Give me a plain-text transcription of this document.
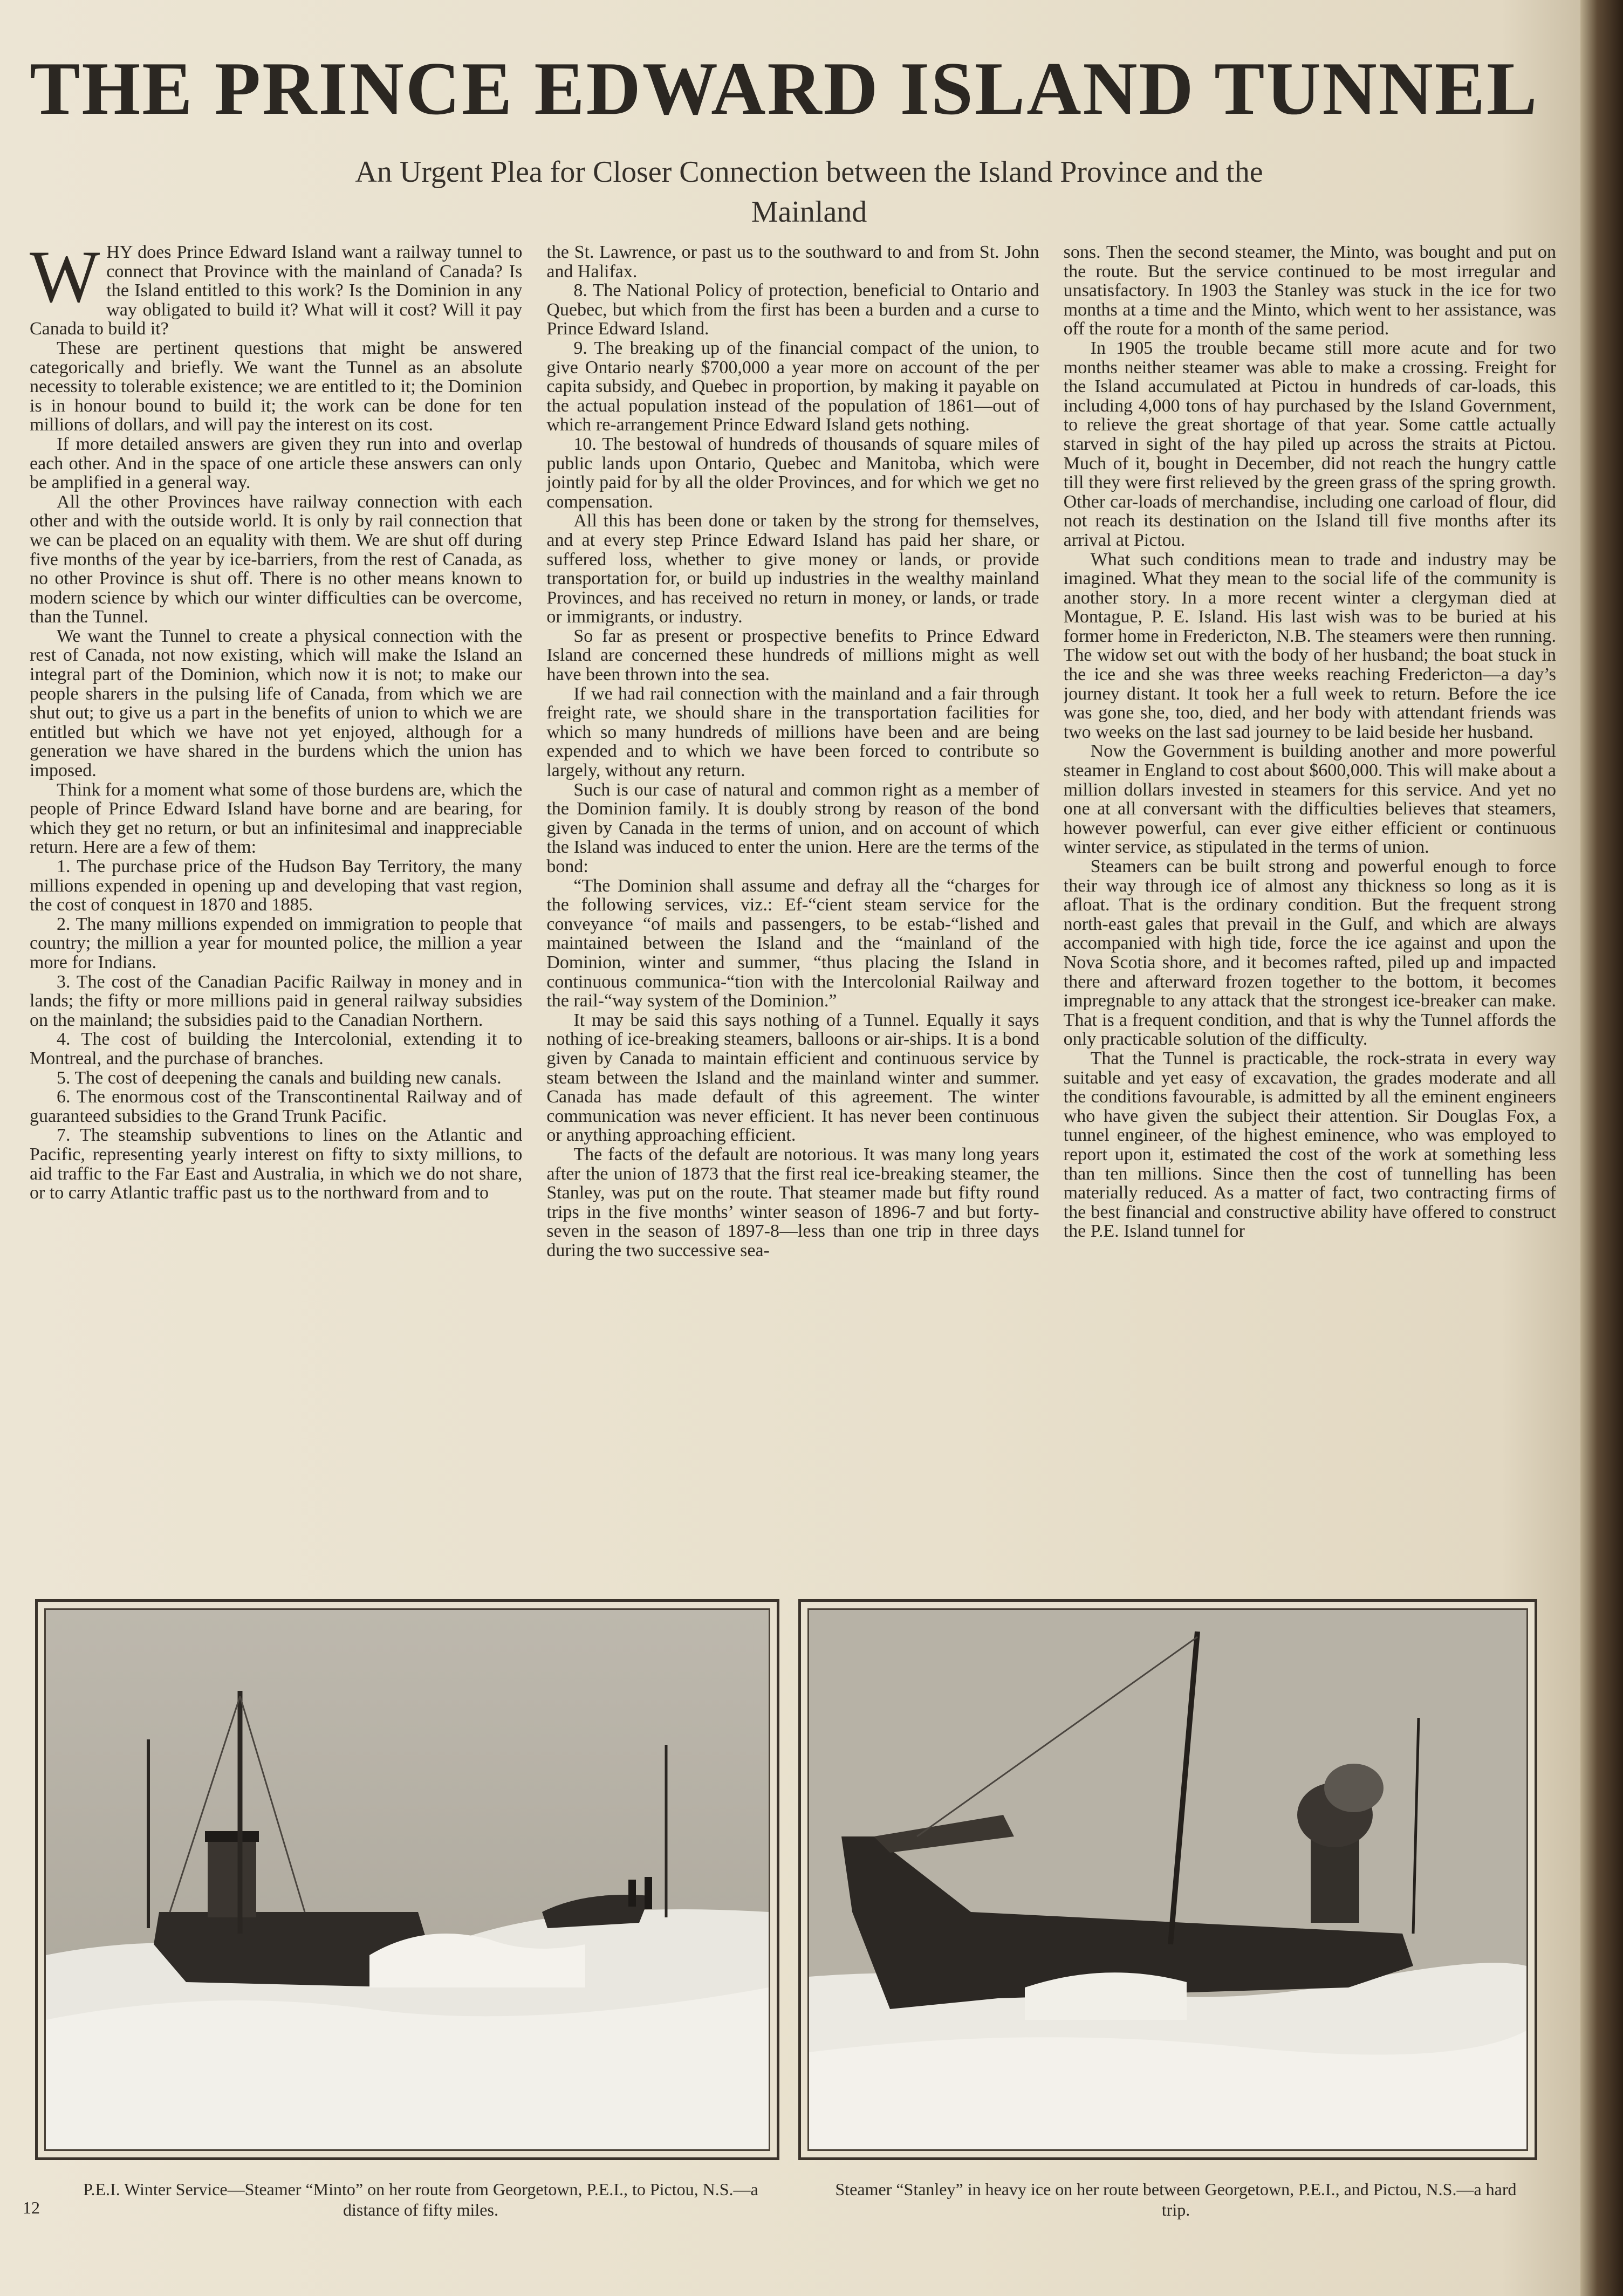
THE PRINCE EDWARD ISLAND TUNNEL
An Urgent Plea for Closer Connection between the Island Province and the Mainland
W HY does Prince Edward Island want a railway tunnel to connect that Province with the mainland of Canada? Is the Island entitled to this work? Is the Dominion in any way obligated to build it? What will it cost? Will it pay Canada to build it?

These are pertinent questions that might be answered categorically and briefly. We want the Tunnel as an absolute necessity to tolerable existence; we are entitled to it; the Dominion is in honour bound to build it; the work can be done for ten millions of dollars, and will pay the interest on its cost.

If more detailed answers are given they run into and overlap each other. And in the space of one article these answers can only be amplified in a general way.

All the other Provinces have railway connection with each other and with the outside world. It is only by rail connection that we can be placed on an equality with them. We are shut off during five months of the year by ice-barriers, from the rest of Canada, as no other Province is shut off. There is no other means known to modern science by which our winter difficulties can be overcome, than the Tunnel.

We want the Tunnel to create a physical connection with the rest of Canada, not now existing, which will make the Island an integral part of the Dominion, which now it is not; to make our people sharers in the pulsing life of Canada, from which we are shut out; to give us a part in the benefits of union to which we are entitled but which we have not yet enjoyed, although for a generation we have shared in the burdens which the union has imposed.

Think for a moment what some of those burdens are, which the people of Prince Edward Island have borne and are bearing, for which they get no return, or but an infinitesimal and inappreciable return. Here are a few of them:

1. The purchase price of the Hudson Bay Territory, the many millions expended in opening up and developing that vast region, the cost of conquest in 1870 and 1885.

2. The many millions expended on immigration to people that country; the million a year for mounted police, the million a year more for Indians.

3. The cost of the Canadian Pacific Railway in money and in lands; the fifty or more millions paid in general railway subsidies on the mainland; the subsidies paid to the Canadian Northern.

4. The cost of building the Intercolonial, extending it to Montreal, and the purchase of branches.

5. The cost of deepening the canals and building new canals.

6. The enormous cost of the Transcontinental Railway and of guaranteed subsidies to the Grand Trunk Pacific.

7. The steamship subventions to lines on the Atlantic and Pacific, representing yearly interest on fifty to sixty millions, to aid traffic to the Far East and Australia, in which we do not share, or to carry Atlantic traffic past us to the northward from and to

the St. Lawrence, or past us to the southward to and from St. John and Halifax.

8. The National Policy of protection, beneficial to Ontario and Quebec, but which from the first has been a burden and a curse to Prince Edward Island.

9. The breaking up of the financial compact of the union, to give Ontario nearly $700,000 a year more on account of the per capita subsidy, and Quebec in proportion, by making it payable on the actual population instead of the population of 1861—out of which re-arrangement Prince Edward Island gets nothing.

10. The bestowal of hundreds of thousands of square miles of public lands upon Ontario, Quebec and Manitoba, which were jointly paid for by all the older Provinces, and for which we get no compensation.

All this has been done or taken by the strong for themselves, and at every step Prince Edward Island has paid her share, or suffered loss, whether to give money or lands, or provide transportation for, or build up industries in the wealthy mainland Provinces, and has received no return in money, or lands, or trade or immigrants, or industry.

So far as present or prospective benefits to Prince Edward Island are concerned these hundreds of millions might as well have been thrown into the sea.

If we had rail connection with the mainland and a fair through freight rate, we should share in the transportation facilities for which so many hundreds of millions have been and are being expended and to which we have been forced to contribute so largely, without any return.

Such is our case of natural and common right as a member of the Dominion family. It is doubly strong by reason of the bond given by Canada in the terms of union, and on account of which the Island was induced to enter the union. Here are the terms of the bond:

“The Dominion shall assume and defray all the “charges for the following services, viz.: Ef-“cient steam service for the conveyance “of mails and passengers, to be estab-“lished and maintained between the Island and the “mainland of the Dominion, winter and summer, “thus placing the Island in continuous communica-“tion with the Intercolonial Railway and the rail-“way system of the Dominion.”

It may be said this says nothing of a Tunnel. Equally it says nothing of ice-breaking steamers, balloons or air-ships. It is a bond given by Canada to maintain efficient and continuous service by steam between the Island and the mainland winter and summer. Canada has made default of this agreement. The winter communication was never efficient. It has never been continuous or anything approaching efficient.

The facts of the default are notorious. It was many long years after the union of 1873 that the first real ice-breaking steamer, the Stanley, was put on the route. That steamer made but fifty round trips in the five months’ winter season of 1896-7 and but forty-seven in the season of 1897-8—less than one trip in three days during the two successive sea-

sons. Then the second steamer, the Minto, was bought and put on the route. But the service continued to be most irregular and unsatisfactory. In 1903 the Stanley was stuck in the ice for two months at a time and the Minto, which went to her assistance, was off the route for a month of the same period.

In 1905 the trouble became still more acute and for two months neither steamer was able to make a crossing. Freight for the Island accumulated at Pictou in hundreds of car-loads, this including 4,000 tons of hay purchased by the Island Government, to relieve the great shortage of that year. Some cattle actually starved in sight of the hay piled up across the straits at Pictou. Much of it, bought in December, did not reach the hungry cattle till they were first relieved by the green grass of the spring growth. Other car-loads of merchandise, including one carload of flour, did not reach its destination on the Island till five months after its arrival at Pictou.

What such conditions mean to trade and industry may be imagined. What they mean to the social life of the community is another story. In a more recent winter a clergyman died at Montague, P. E. Island. His last wish was to be buried at his former home in Fredericton, N.B. The steamers were then running. The widow set out with the body of her husband; the boat stuck in the ice and she was three weeks reaching Fredericton—a day’s journey distant. It took her a full week to return. Before the ice was gone she, too, died, and her body with attendant friends was two weeks on the last sad journey to be laid beside her husband.

Now the Government is building another and more powerful steamer in England to cost about $600,000. This will make about a million dollars invested in steamers for this service. And yet no one at all conversant with the difficulties believes that steamers, however powerful, can ever give either efficient or continuous winter service, as stipulated in the terms of union.

Steamers can be built strong and powerful enough to force their way through ice of almost any thickness so long as it is afloat. That is the ordinary condition. But the frequent strong north-east gales that prevail in the Gulf, and which are always accompanied with high tide, force the ice against and upon the Nova Scotia shore, and it becomes rafted, piled up and impacted there and afterward frozen together to the bottom, it becomes impregnable to any attack that the strongest ice-breaker can make. That is a frequent condition, and that is why the Tunnel affords the only practicable solution of the difficulty.

That the Tunnel is practicable, the rock-strata in every way suitable and yet easy of excavation, the grades moderate and all the conditions favourable, is admitted by all the eminent engineers who have given the subject their attention. Sir Douglas Fox, a tunnel engineer, of the highest eminence, who was employed to report upon it, estimated the cost of the work at something less than ten millions. Since then the cost of tunnelling has been materially reduced. As a matter of fact, two contracting firms of the best financial and constructive ability have offered to construct the P.E. Island tunnel for

P.E.I. Winter Service—Steamer “Minto” on her route from Georgetown, P.E.I., to Pictou, N.S.—a distance of fifty miles.
Steamer “Stanley” in heavy ice on her route between Georgetown, P.E.I., and Pictou, N.S.—a hard trip.
12
